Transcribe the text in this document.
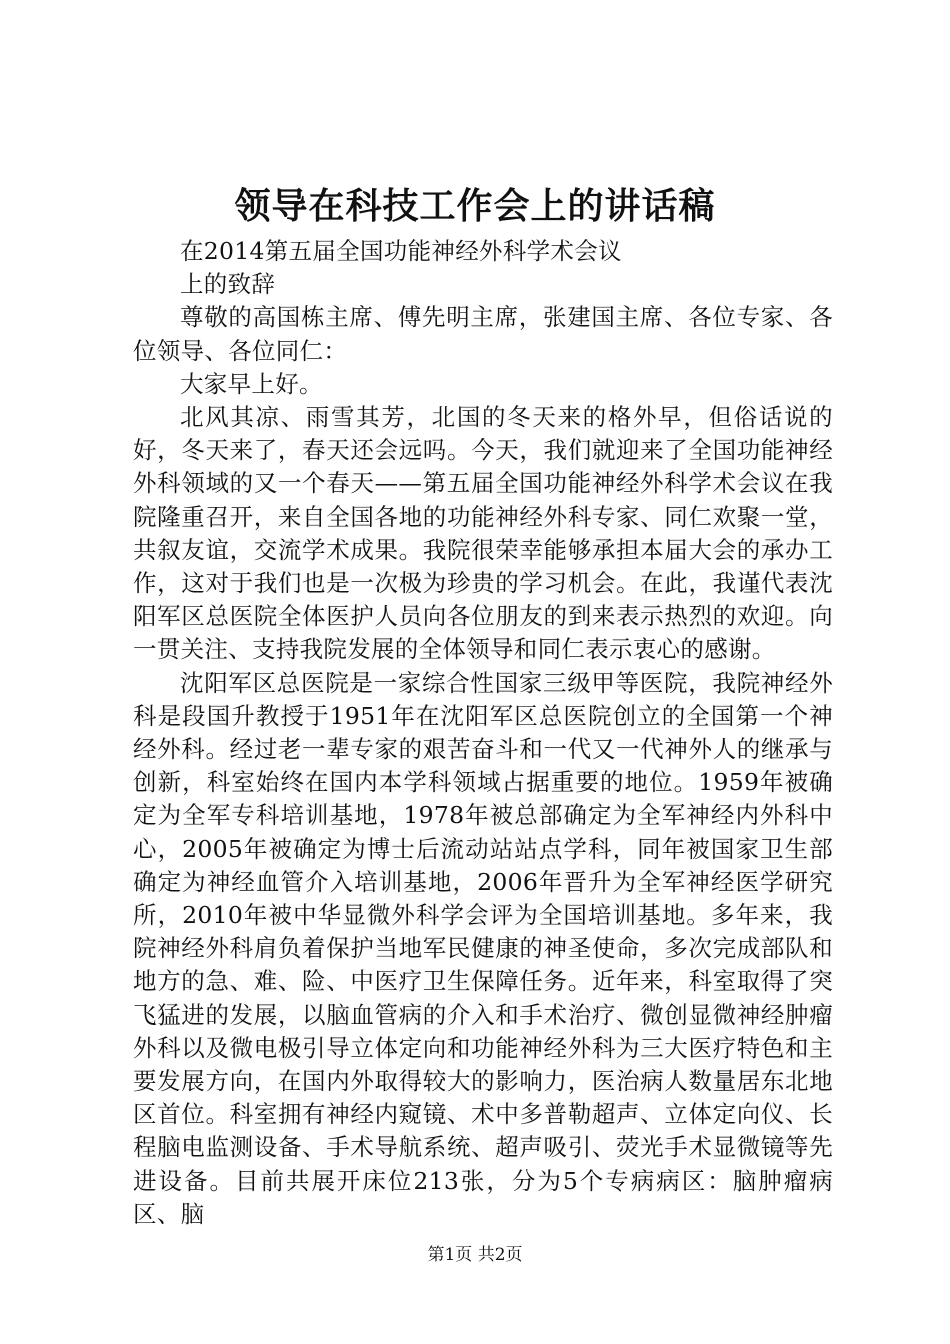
领导在科技工作会上的讲话稿

在2014第五届全国功能神经外科学术会议

上的致辞

尊敬的高国栋主席、傅先明主席，张建国主席、各位专家、各位领导、各位同仁：

大家早上好。

北风其凉、雨雪其芳，北国的冬天来的格外早，但俗话说的好，冬天来了，春天还会远吗。今天，我们就迎来了全国功能神经外科领域的又一个春天——第五届全国功能神经外科学术会议在我院隆重召开，来自全国各地的功能神经外科专家、同仁欢聚一堂，共叙友谊，交流学术成果。我院很荣幸能够承担本届大会的承办工作，这对于我们也是一次极为珍贵的学习机会。在此，我谨代表沈阳军区总医院全体医护人员向各位朋友的到来表示热烈的欢迎。向一贯关注、支持我院发展的全体领导和同仁表示衷心的感谢。

沈阳军区总医院是一家综合性国家三级甲等医院，我院神经外科是段国升教授于1951年在沈阳军区总医院创立的全国第一个神经外科。经过老一辈专家的艰苦奋斗和一代又一代神外人的继承与创新，科室始终在国内本学科领域占据重要的地位。1959年被确定为全军专科培训基地，1978年被总部确定为全军神经内外科中心，2005年被确定为博士后流动站站点学科，同年被国家卫生部确定为神经血管介入培训基地，2006年晋升为全军神经医学研究所，2010年被中华显微外科学会评为全国培训基地。多年来，我院神经外科肩负着保护当地军民健康的神圣使命，多次完成部队和地方的急、难、险、中医疗卫生保障任务。近年来，科室取得了突飞猛进的发展，以脑血管病的介入和手术治疗、微创显微神经肿瘤外科以及微电极引导立体定向和功能神经外科为三大医疗特色和主要发展方向，在国内外取得较大的影响力，医治病人数量居东北地区首位。科室拥有神经内窥镜、术中多普勒超声、立体定向仪、长程脑电监测设备、手术导航系统、超声吸引、荧光手术显微镜等先进设备。目前共展开床位213张，分为5个专病病区：脑肿瘤病区、脑

第1页 共2页
